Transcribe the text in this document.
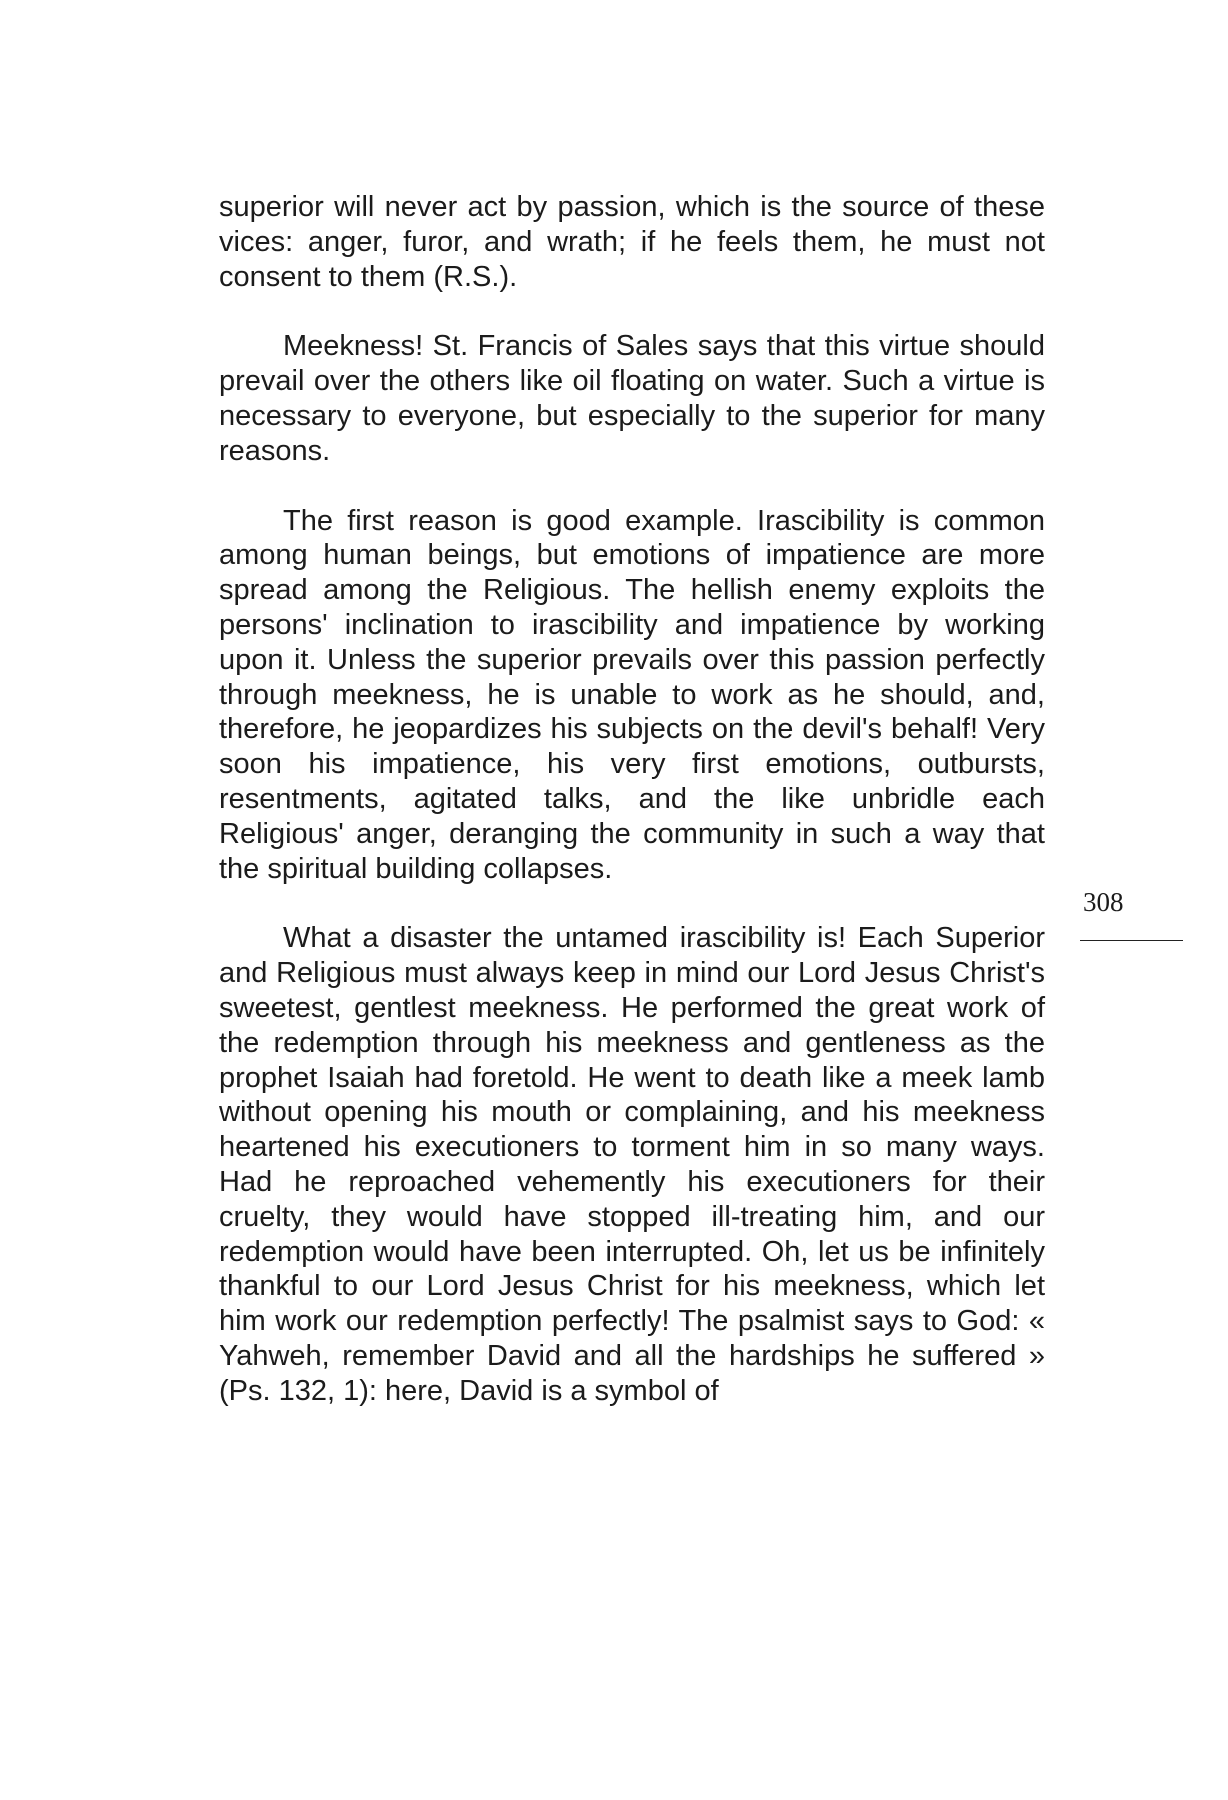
superior will never act by passion, which is the source of these vices: anger, furor, and wrath; if he feels them, he must not consent to them (R.S.).

Meekness! St. Francis of Sales says that this virtue should prevail over the others like oil floating on water. Such a virtue is necessary to everyone, but especially to the superior for many reasons.

The first reason is good example. Irascibility is common among human beings, but emotions of impatience are more spread among the Religious. The hellish enemy exploits the persons' inclination to irascibility and impatience by working upon it. Unless the superior prevails over this passion perfectly through meekness, he is unable to work as he should, and, therefore, he jeopardizes his subjects on the devil's behalf! Very soon his impatience, his very first emotions, outbursts, resentments, agitated talks, and the like unbridle each Religious' anger, deranging the community in such a way that the spiritual building collapses.

What a disaster the untamed irascibility is! Each Superior and Religious must always keep in mind our Lord Jesus Christ's sweetest, gentlest meekness. He performed the great work of the redemption through his meekness and gentleness as the prophet Isaiah had foretold. He went to death like a meek lamb without opening his mouth or complaining, and his meekness heartened his executioners to torment him in so many ways. Had he reproached vehemently his executioners for their cruelty, they would have stopped ill-treating him, and our redemption would have been interrupted. Oh, let us be infinitely thankful to our Lord Jesus Christ for his meekness, which let him work our redemption perfectly! The psalmist says to God: « Yahweh, remember David and all the hardships he suffered » (Ps. 132, 1): here, David is a symbol of

308
